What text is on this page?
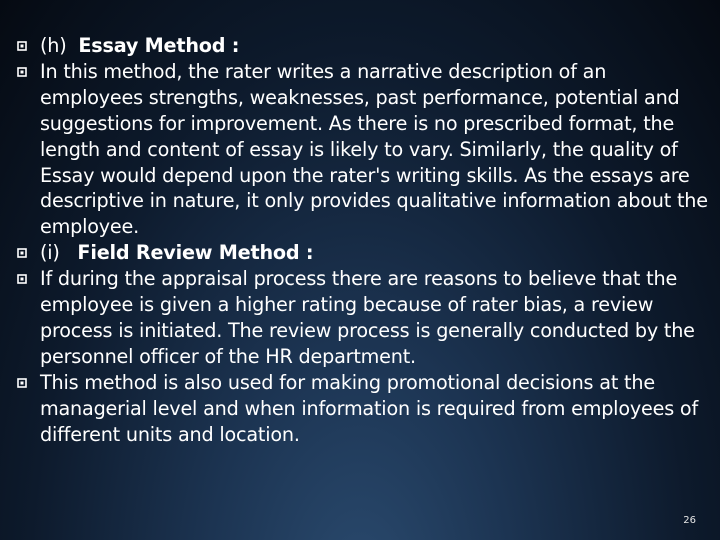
(h) Essay Method :
In this method, the rater writes a narrative description of an employees strengths, weaknesses, past performance, potential and suggestions for improvement. As there is no prescribed format, the length and content of essay is likely to vary. Similarly, the quality of Essay would depend upon the rater's writing skills. As the essays are descriptive in nature, it only provides qualitative information about the employee.
(i) Field Review Method :
If during the appraisal process there are reasons to believe that the employee is given a higher rating because of rater bias, a review process is initiated. The review process is generally conducted by the personnel officer of the HR department.
This method is also used for making promotional decisions at the managerial level and when information is required from employees of different units and location.
26
